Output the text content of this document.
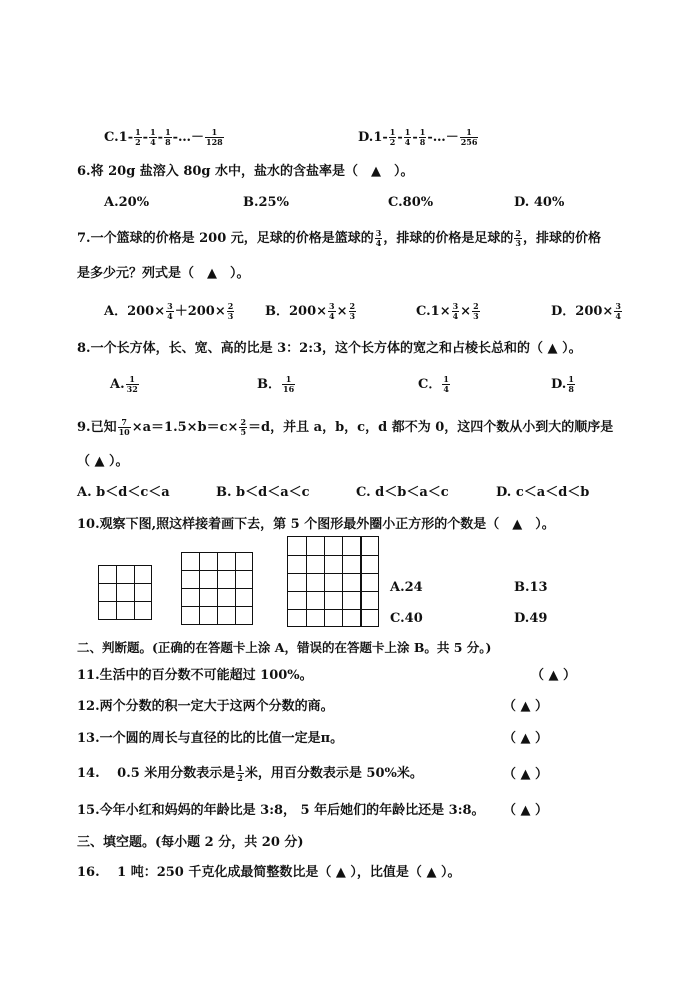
$C.1- \frac{1}{2} - \frac{1}{4} - \frac{1}{8}$ -…－ $\frac{1}{128}$	$D.1- \frac{1}{2} - \frac{1}{4} - \frac{1}{8}$ -…－ $\frac{1}{256}$
6.将 20g 盐溶入 80g 水中，盐水的含盐率是（　▲　）。
A.20%	B.25%	C.80%	D. 40%
7.一个篮球的价格是 200 元，足球的价格是篮球的 $\frac{3}{4}$ ，排球的价格是足球的 $\frac{2}{3}$ ，排球的价格
是多少元？列式是（　▲　）。
A．$200\times \frac{3}{4} +200\times \frac{2}{3}$ B．$200\times \frac{3}{4} \times \frac{2}{3}$	$C.1\times \frac{3}{4} \times \frac{2}{3}$	D．$200\times \frac{3}{4}$
8.一个长方体，长、宽、高的比是 3：2:3，这个长方体的宽之和占棱长总和的（ ▲ ）。
A. $\frac{1}{32}$	B． $\frac{1}{16}$	C． $\frac{1}{4}$	D. $\frac{1}{8}$
9.已知 $\frac{7}{10} \times a=1.5\times b=c\times \frac{2}{5} =d$，并且 a，b，c，d 都不为 0，这四个数从小到大的顺序是
（ ▲ ）。
A. b＜d＜c＜a	B. b＜d＜a＜c	C. d＜b＜a＜c	D. c＜a＜d＜b
10.观察下图,照这样接着画下去，第 5 个图形最外圈小正方形的个数是（　▲　）。
A.24	B.13
C.40	D.49
二、判断题。(正确的在答题卡上涂 A，错误的在答题卡上涂 B。共 5 分。)
11.生活中的百分数不可能超过 100%。	（ ▲ ）
12.两个分数的积一定大于这两个分数的商。	（ ▲ ）
13.一个圆的周长与直径的比的比值一定是π。	（ ▲ ）
14.　 0.5 米用分数表示是 $\frac{1}{2}$ 米，用百分数表示是 50%米。	（ ▲ ）
15.今年小红和妈妈的年龄比是 3:8， 5 年后她们的年龄比还是 3:8。 （ ▲ ）
三、填空题。(每小题 2 分，共 20 分)
16.　 1 吨：250 千克化成最简整数比是（ ▲ ），比值是（ ▲ ）。
